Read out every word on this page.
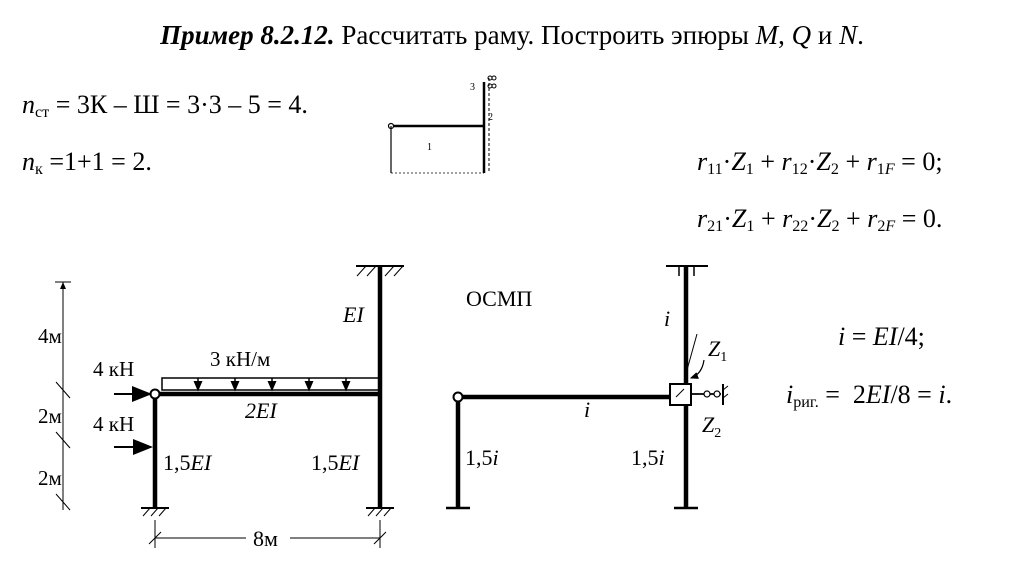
Пример 8.2.12. Рассчитать раму. Построить эпюры M, Q и N.
$n_{ст} = 3К - Ш = 3\cdot 3 - 5 = 4$.
$n_к =1+1 = 2$.	$r_{11}\cdot Z_1 + r_{12}\cdot Z_2 + r_{1F} = 0$;
$r_{21}\cdot Z_1 + r_{22}\cdot Z_2 + r_{2F} = 0$.
i = EI/4;
$i_{риг.} = 2EI/8 = i$.
1
2
3
4м
2м
2м
4 кН
4 кН
3 кН/м
EI
2EI
1,5EI	1,5EI
8м
ОСМП
i
$Z_1$
$Z_2$
i
1,5i	1,5i
